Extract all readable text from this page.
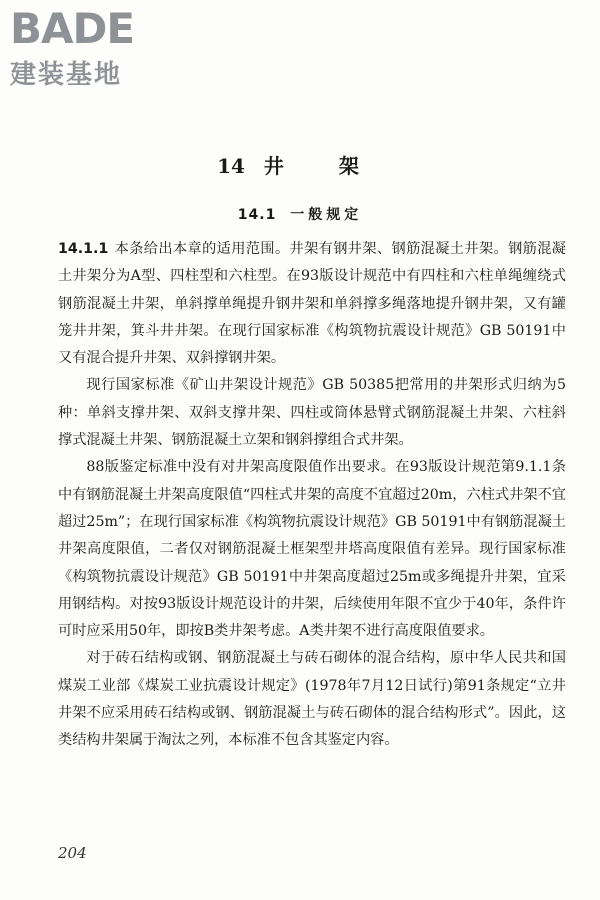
BADE
建装基地
14 井 架
14.1 一般规定

14.1.1 本条给出本章的适用范围。井架有钢井架、钢筋混凝土井架。钢筋混凝土井架分为A型、四柱型和六柱型。在93版设计规范中有四柱和六柱单绳缠绕式钢筋混凝土井架，单斜撑单绳提升钢井架和单斜撑多绳落地提升钢井架，又有罐笼井井架，箕斗井井架。在现行国家标准《构筑物抗震设计规范》GB 50191中又有混合提升井架、双斜撑钢井架。

现行国家标准《矿山井架设计规范》GB 50385把常用的井架形式归纳为5种：单斜支撑井架、双斜支撑井架、四柱或筒体悬臂式钢筋混凝土井架、六柱斜撑式混凝土井架、钢筋混凝土立架和钢斜撑组合式井架。

88版鉴定标准中没有对井架高度限值作出要求。在93版设计规范第9.1.1条中有钢筋混凝土井架高度限值“四柱式井架的高度不宜超过20m，六柱式井架不宜超过25m”；在现行国家标准《构筑物抗震设计规范》GB 50191中有钢筋混凝土井架高度限值，二者仅对钢筋混凝土框架型井塔高度限值有差异。现行国家标准《构筑物抗震设计规范》GB 50191中井架高度超过25m或多绳提升井架，宜采用钢结构。对按93版设计规范设计的井架，后续使用年限不宜少于40年，条件许可时应采用50年，即按B类井架考虑。A类井架不进行高度限值要求。

对于砖石结构或钢、钢筋混凝土与砖石砌体的混合结构，原中华人民共和国煤炭工业部《煤炭工业抗震设计规定》(1978年7月12日试行)第91条规定“立井井架不应采用砖石结构或钢、钢筋混凝土与砖石砌体的混合结构形式”。因此，这类结构井架属于淘汰之列，本标准不包含其鉴定内容。

204
